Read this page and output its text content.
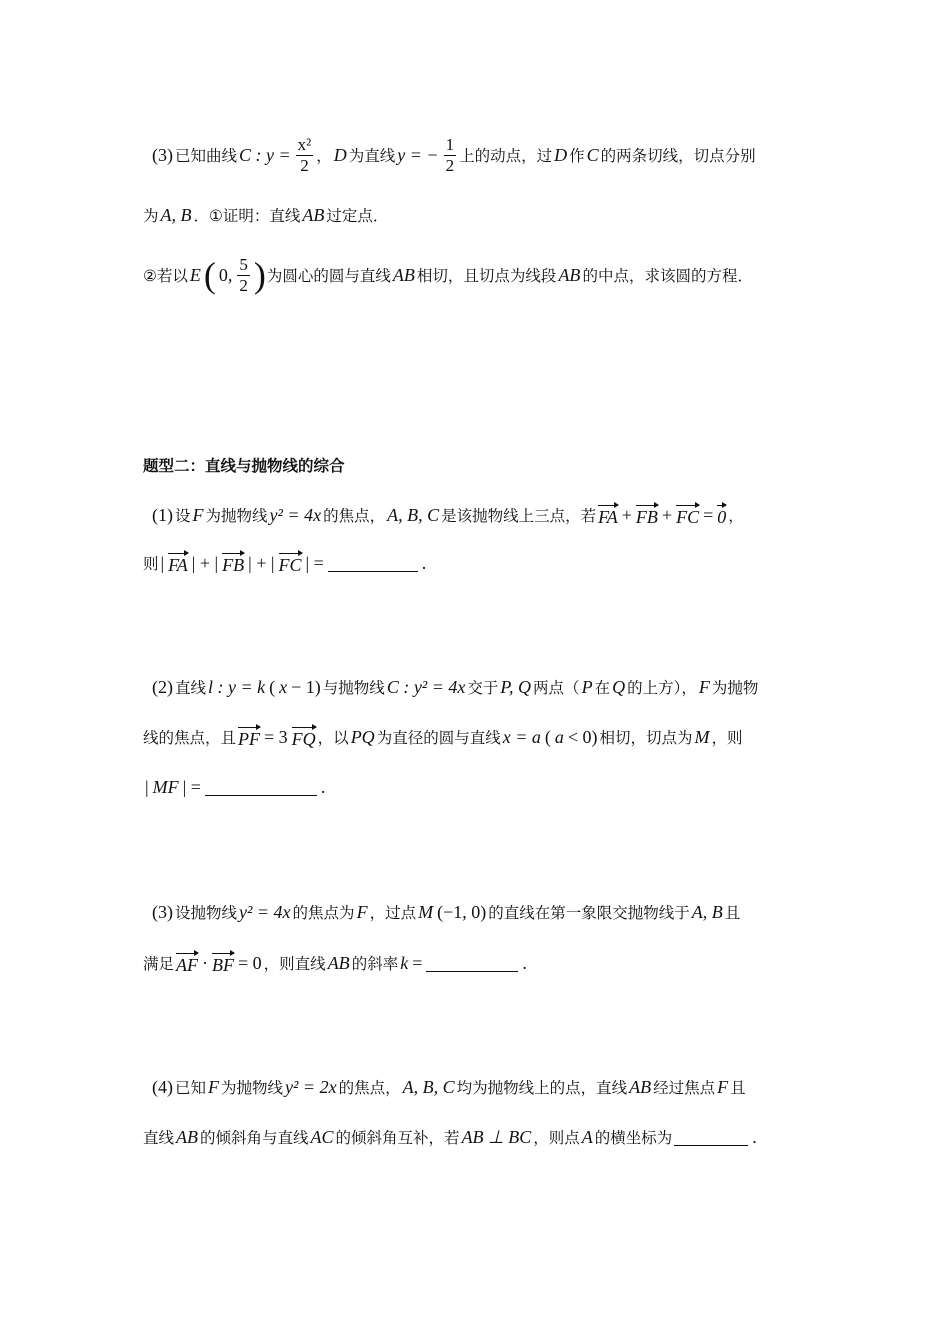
(3) 已知曲线 C : $y = \frac{\text{x²}}{2}$ ， D 为直线 y = − $\frac{1}{2}$ 上的动点，过 D 作 C 的两条切线，切点分别
为 A, B ．①证明：直线 AB 过定点．
②若以 E ( 0, $\frac{5}{2}$ ) 为圆心的圆与直线 AB 相切，且切点为线段 AB 的中点，求该圆的方程．
题型二：直线与抛物线的综合
(1) 设 F 为抛物线 y² = 4x 的焦点， A, B, C 是该抛物线上三点，若 FA + FB + FC = 0 ，
则 | FA | + | FB | + | FC | =	.
(2) 直线 l : y = k ( x − 1) 与抛物线 C : y² = 4x 交于 P, Q 两点（ P 在 Q 的上方）， F 为抛物
线的焦点，且 PF = 3 FQ ，以 PQ 为直径的圆与直线 x = a ( a < 0) 相切，切点为 M ，则
| MF | =	.
(3) 设抛物线 y² = 4x 的焦点为 F ，过点 M (−1, 0) 的直线在第一象限交抛物线于 A, B 且
满足 AF · BF = 0 ，则直线 AB 的斜率 k =	.
(4) 已知 F 为抛物线 y² = 2x 的焦点， A, B, C 均为抛物线上的点，直线 AB 经过焦点 F 且
直线 AB 的倾斜角与直线 AC 的倾斜角互补，若 AB ⊥ BC ，则点 A 的横坐标为	.
